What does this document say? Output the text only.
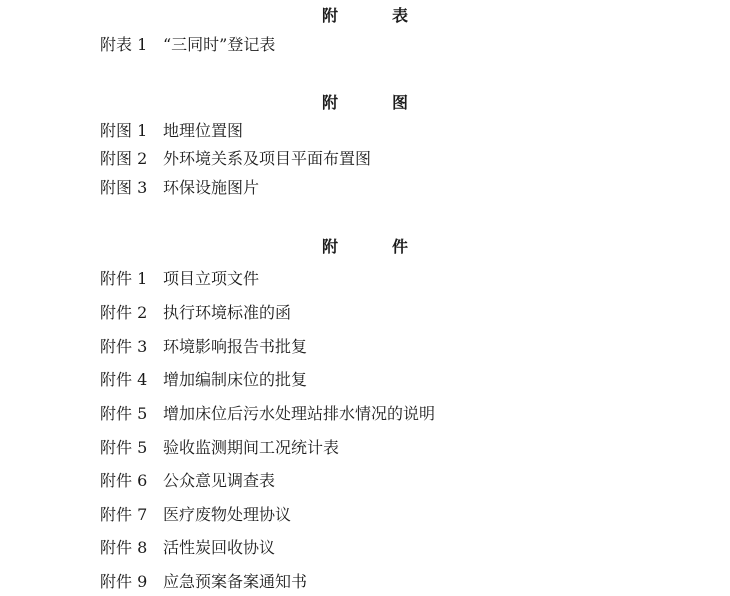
附	表
附表 1 “三同时”登记表
附	图
附图 1 地理位置图
附图 2 外环境关系及项目平面布置图
附图 3 环保设施图片
附	件
附件 1 项目立项文件
附件 2 执行环境标准的函
附件 3 环境影响报告书批复
附件 4 增加编制床位的批复
附件 5 增加床位后污水处理站排水情况的说明
附件 5 验收监测期间工况统计表
附件 6 公众意见调查表
附件 7 医疗废物处理协议
附件 8 活性炭回收协议
附件 9 应急预案备案通知书
